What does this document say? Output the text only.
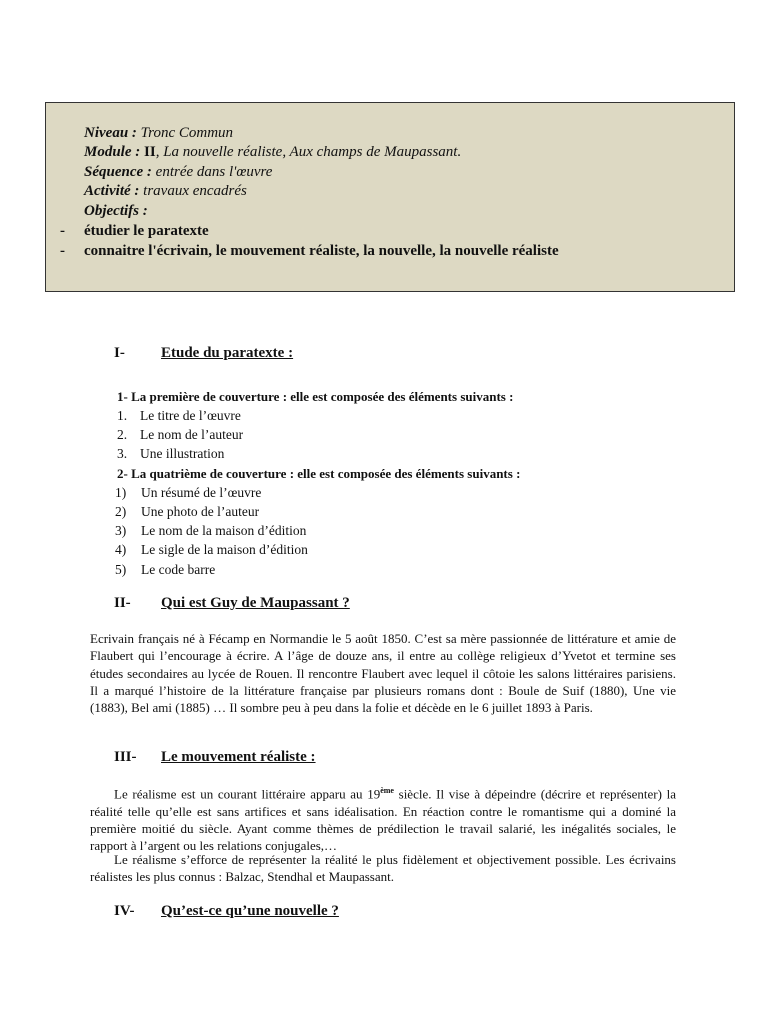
Niveau : Tronc Commun
Module : II, La nouvelle réaliste, Aux champs de Maupassant.
Séquence : entrée dans l'œuvre
Activité : travaux encadrés
Objectifs :
- étudier le paratexte
- connaitre l'écrivain, le mouvement réaliste, la nouvelle, la nouvelle réaliste
I- Etude du paratexte :
1- La première de couverture : elle est composée des éléments suivants :
1. Le titre de l’œuvre
2. Le nom de l’auteur
3. Une illustration
2- La quatrième de couverture : elle est composée des éléments suivants :
1) Un résumé de l’œuvre
2) Une photo de l’auteur
3) Le nom de la maison d’édition
4) Le sigle de la maison d’édition
5) Le code barre
II- Qui est Guy de Maupassant ?
Ecrivain français né à Fécamp en Normandie le 5 août 1850. C’est sa mère passionnée de littérature et amie de Flaubert qui l’encourage à écrire. A l’âge de douze ans, il entre au collège religieux d’Yvetot et termine ses études secondaires au lycée de Rouen. Il rencontre Flaubert avec lequel il côtoie les salons littéraires parisiens. Il a marqué l’histoire de la littérature française par plusieurs romans dont : Boule de Suif (1880), Une vie (1883), Bel ami (1885) … Il sombre peu à peu dans la folie et décède en le 6 juillet 1893 à Paris.
III- Le mouvement réaliste :
Le réalisme est un courant littéraire apparu au 19ème siècle. Il vise à dépeindre (décrire et représenter) la réalité telle qu’elle est sans artifices et sans idéalisation. En réaction contre le romantisme qui a dominé la première moitié du siècle. Ayant comme thèmes de prédilection le travail salarié, les inégalités sociales, le rapport à l’argent ou les relations conjugales,…
Le réalisme s’efforce de représenter la réalité le plus fidèlement et objectivement possible. Les écrivains réalistes les plus connus : Balzac, Stendhal et Maupassant.
IV- Qu’est-ce qu’une nouvelle ?
